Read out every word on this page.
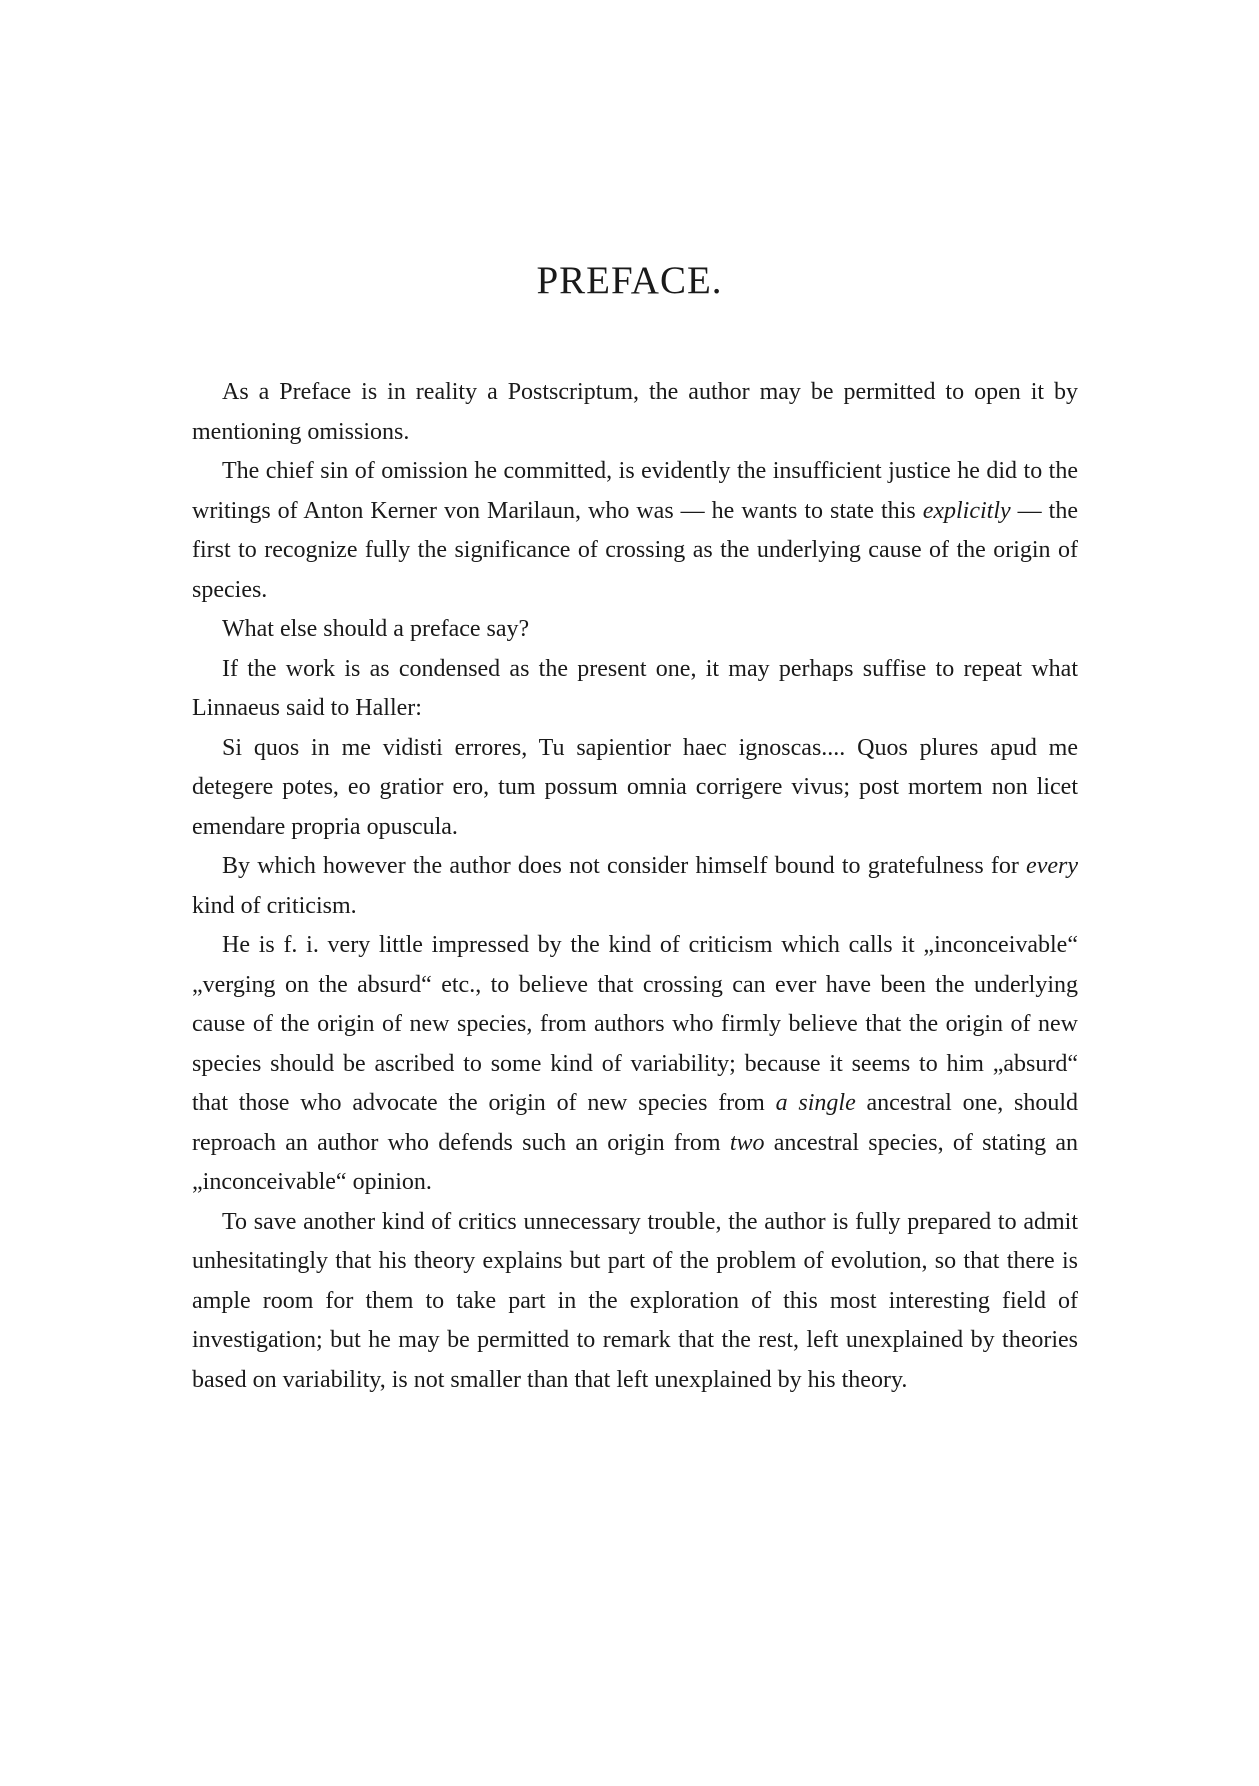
PREFACE.

As a Preface is in reality a Postscriptum, the author may be permitted to open it by mentioning omissions.

The chief sin of omission he committed, is evidently the insufficient justice he did to the writings of Anton Kerner von Marilaun, who was — he wants to state this explicitly — the first to recognize fully the significance of crossing as the underlying cause of the origin of species.

What else should a preface say?

If the work is as condensed as the present one, it may perhaps suffise to repeat what Linnaeus said to Haller:

Si quos in me vidisti errores, Tu sapientior haec ignoscas.... Quos plures apud me detegere potes, eo gratior ero, tum possum omnia corrigere vivus; post mortem non licet emendare propria opuscula.

By which however the author does not consider himself bound to gratefulness for every kind of criticism.

He is f. i. very little impressed by the kind of criticism which calls it „inconceivable“ „verging on the absurd“ etc., to believe that crossing can ever have been the underlying cause of the origin of new species, from authors who firmly believe that the origin of new species should be ascribed to some kind of variability; because it seems to him „absurd“ that those who advocate the origin of new species from a single ancestral one, should reproach an author who defends such an origin from two ancestral species, of stating an „inconceivable“ opinion.

To save another kind of critics unnecessary trouble, the author is fully prepared to admit unhesitatingly that his theory explains but part of the problem of evolution, so that there is ample room for them to take part in the exploration of this most interesting field of investigation; but he may be permitted to remark that the rest, left unexplained by theories based on variability, is not smaller than that left unexplained by his theory.
